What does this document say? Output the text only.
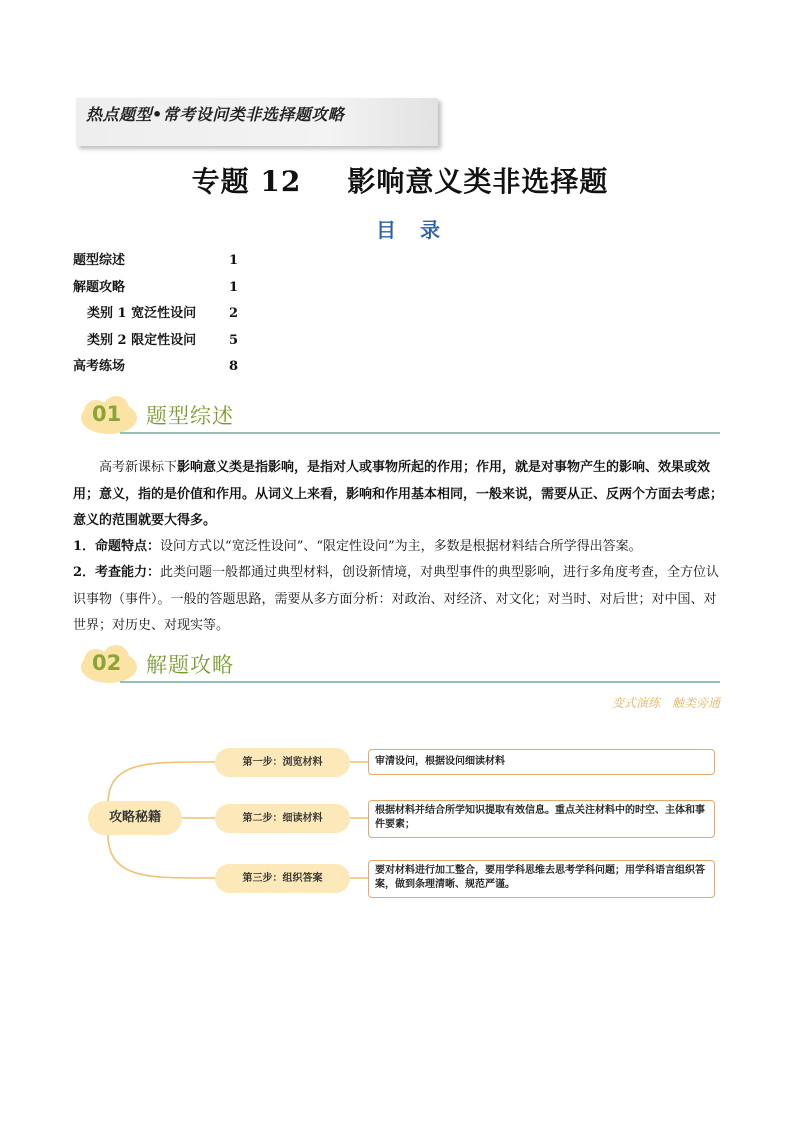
热点题型•常考设问类非选择题攻略
专题 12 影响意义类非选择题
目录
题型综述	1
解题攻略	1
类别 1 宽泛性设问	2
类别 2 限定性设问	5
高考练场	8
01 题型综述
高考新课标下影响意义类是指影响，是指对人或事物所起的作用；作用，就是对事物产生的影响、效果或效用；意义，指的是价值和作用。从词义上来看，影响和作用基本相同，一般来说，需要从正、反两个方面去考虑；意义的范围就要大得多。
1．命题特点：设问方式以“宽泛性设问”、“限定性设问”为主，多数是根据材料结合所学得出答案。
2．考查能力：此类问题一般都通过典型材料，创设新情境，对典型事件的典型影响，进行多角度考查，全方位认识事物（事件）。一般的答题思路，需要从多方面分析：对政治、对经济、对文化；对当时、对后世；对中国、对世界；对历史、对现实等。
02 解题攻略
变式演练 触类旁通
攻略秘籍
第一步：浏览材料
第二步：细读材料
第三步：组织答案
审清设问，根据设问细读材料
根据材料并结合所学知识提取有效信息。重点关注材料中的时空、主体和事件要素；
要对材料进行加工整合，要用学科思维去思考学科问题；用学科语言组织答案，做到条理清晰、规范严谨。
